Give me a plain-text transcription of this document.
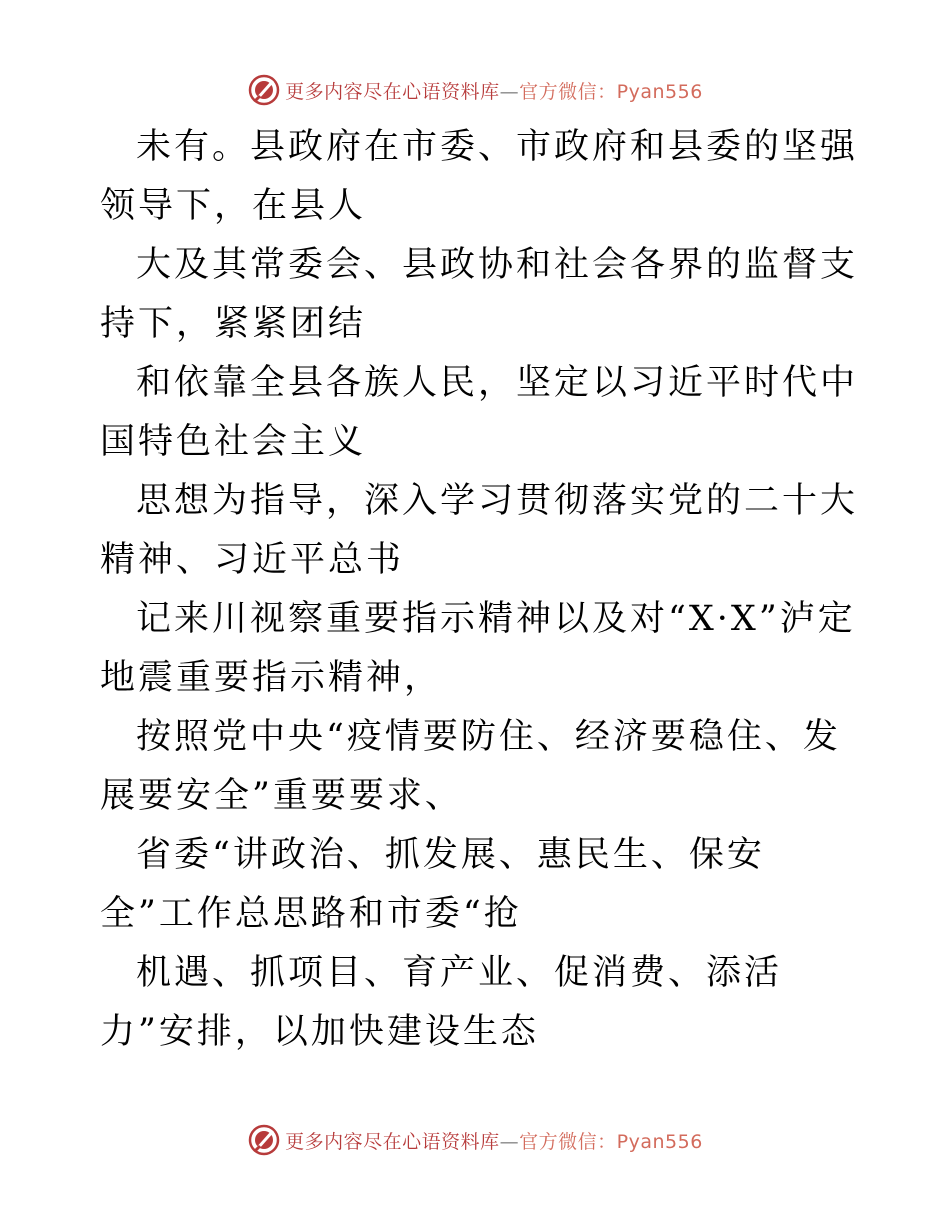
更多内容尽在心语资料库—官方微信：Pyan556

未有。县政府在市委、市政府和县委的坚强领导下，在县人

大及其常委会、县政协和社会各界的监督支持下，紧紧团结

和依靠全县各族人民，坚定以习近平时代中国特色社会主义

思想为指导，深入学习贯彻落实党的二十大精神、习近平总书

记来川视察重要指示精神以及对“X·X”泸定地震重要指示精神，

按照党中央“疫情要防住、经济要稳住、发展要安全”重要要求、

省委“讲政治、抓发展、惠民生、保安全”工作总思路和市委“抢

机遇、抓项目、育产业、促消费、添活力”安排，以加快建设生态

更多内容尽在心语资料库—官方微信：Pyan556
